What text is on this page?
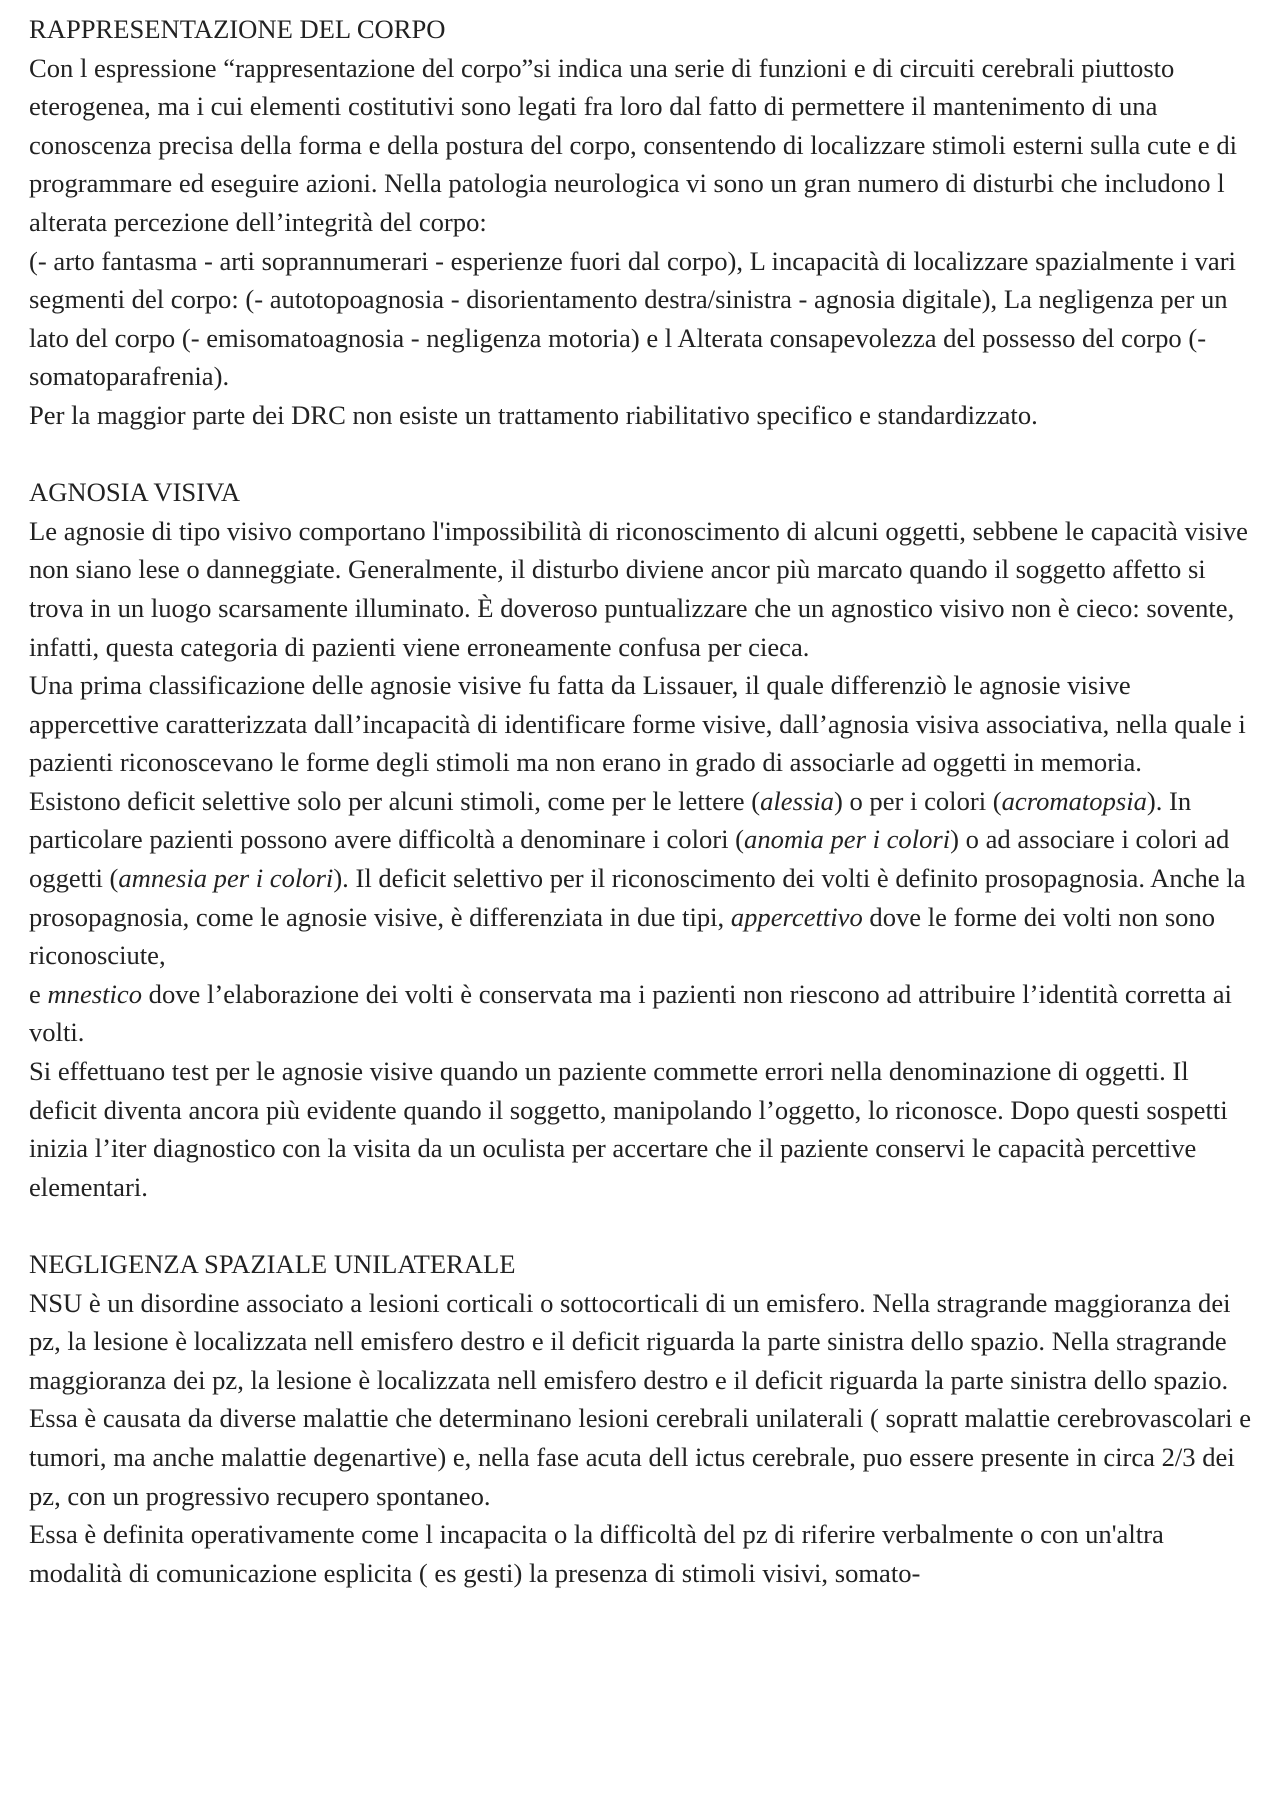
RAPPRESENTAZIONE DEL CORPO

Con l espressione “rappresentazione del corpo”si indica una serie di funzioni e di circuiti cerebrali piuttosto eterogenea, ma i cui elementi costitutivi sono legati fra loro dal fatto di permettere il mantenimento di una conoscenza precisa della forma e della postura del corpo, consentendo di localizzare stimoli esterni sulla cute e di programmare ed eseguire azioni. Nella patologia neurologica vi sono un gran numero di disturbi che includono l alterata percezione dell’integrità del corpo:

(- arto fantasma - arti soprannumerari - esperienze fuori dal corpo), L incapacità di localizzare spazialmente i vari segmenti del corpo: (- autotopoagnosia - disorientamento destra/sinistra - agnosia digitale), La negligenza per un lato del corpo (- emisomatoagnosia - negligenza motoria) e l Alterata consapevolezza del possesso del corpo (- somatoparafrenia).

Per la maggior parte dei DRC non esiste un trattamento riabilitativo specifico e standardizzato.

AGNOSIA VISIVA

Le agnosie di tipo visivo comportano l'impossibilità di riconoscimento di alcuni oggetti, sebbene le capacità visive non siano lese o danneggiate. Generalmente, il disturbo diviene ancor più marcato quando il soggetto affetto si trova in un luogo scarsamente illuminato. È doveroso puntualizzare che un agnostico visivo non è cieco: sovente, infatti, questa categoria di pazienti viene erroneamente confusa per cieca.

Una prima classificazione delle agnosie visive fu fatta da Lissauer, il quale differenziò le agnosie visive appercettive caratterizzata dall’incapacità di identificare forme visive, dall’agnosia visiva associativa, nella quale i pazienti riconoscevano le forme degli stimoli ma non erano in grado di associarle ad oggetti in memoria.

Esistono deficit selettive solo per alcuni stimoli, come per le lettere (alessia) o per i colori (acromatopsia). In particolare pazienti possono avere difficoltà a denominare i colori (anomia per i colori) o ad associare i colori ad oggetti (amnesia per i colori). Il deficit selettivo per il riconoscimento dei volti è definito prosopagnosia. Anche la prosopagnosia, come le agnosie visive, è differenziata in due tipi, appercettivo dove le forme dei volti non sono riconosciute,
e mnestico dove l’elaborazione dei volti è conservata ma i pazienti non riescono ad attribuire l’identità corretta ai volti.

Si effettuano test per le agnosie visive quando un paziente commette errori nella denominazione di oggetti. Il deficit diventa ancora più evidente quando il soggetto, manipolando l’oggetto, lo riconosce. Dopo questi sospetti inizia l’iter diagnostico con la visita da un oculista per accertare che il paziente conservi le capacità percettive elementari.

NEGLIGENZA SPAZIALE UNILATERALE

NSU è un disordine associato a lesioni corticali o sottocorticali di un emisfero. Nella stragrande maggioranza dei pz, la lesione è localizzata nell emisfero destro e il deficit riguarda la parte sinistra dello spazio. Nella stragrande maggioranza dei pz, la lesione è localizzata nell emisfero destro e il deficit riguarda la parte sinistra dello spazio. Essa è causata da diverse malattie che determinano lesioni cerebrali unilaterali ( sopratt malattie cerebrovascolari e tumori, ma anche malattie degenartive) e, nella fase acuta dell ictus cerebrale, puo essere presente in circa 2/3 dei pz, con un progressivo recupero spontaneo.

Essa è definita operativamente come l incapacita o la difficoltà del pz di riferire verbalmente o con un'altra modalità di comunicazione esplicita ( es gesti) la presenza di stimoli visivi, somato-
